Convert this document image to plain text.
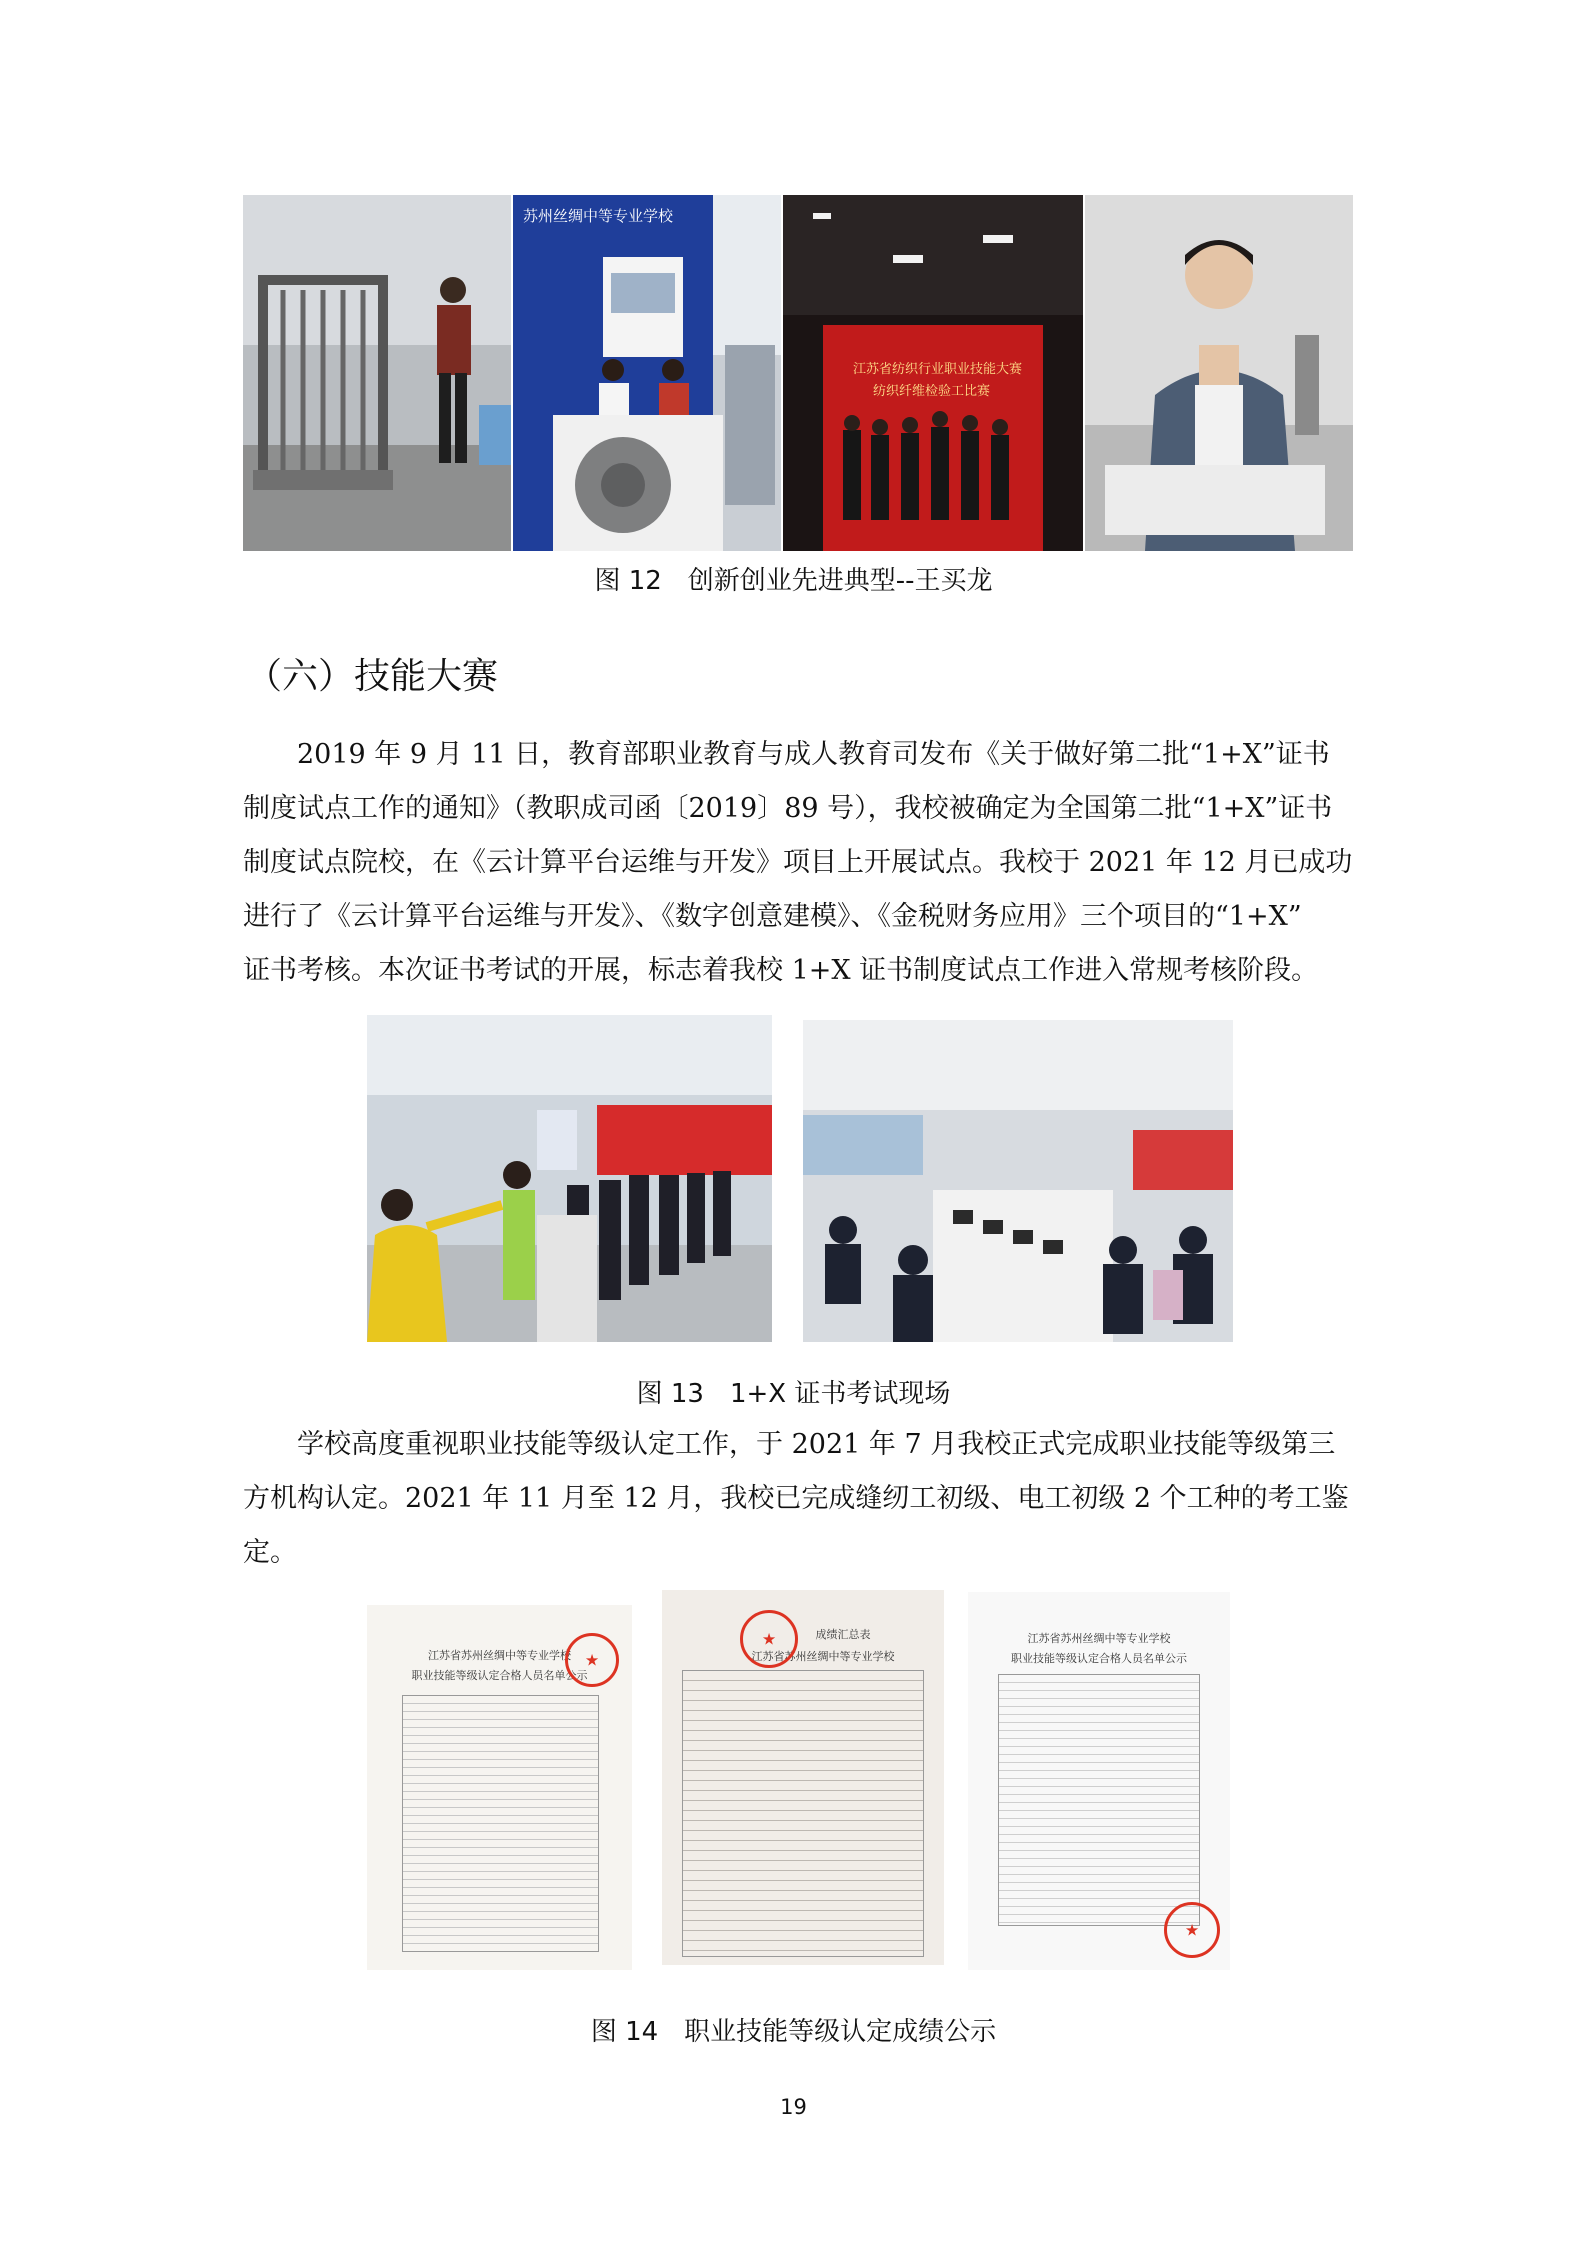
苏州丝绸中等专业学校
江苏省纺织行业职业技能大赛
纺织纤维检验工比赛
图 12　创新创业先进典型--王买龙
（六）技能大赛
2019 年 9 月 11 日，教育部职业教育与成人教育司发布《关于做好第二批“1+X”证书
制度试点工作的通知》（教职成司函〔2019〕89 号），我校被确定为全国第二批“1+X”证书
制度试点院校，在《云计算平台运维与开发》项目上开展试点。我校于 2021 年 12 月已成功
进行了《云计算平台运维与开发》、《数字创意建模》、《金税财务应用》三个项目的“1+X”
证书考核。本次证书考试的开展，标志着我校 1+X 证书制度试点工作进入常规考核阶段。
图 13　1+X 证书考试现场
学校高度重视职业技能等级认定工作，于 2021 年 7 月我校正式完成职业技能等级第三
方机构认定。2021 年 11 月至 12 月，我校已完成缝纫工初级、电工初级 2 个工种的考工鉴
定。
江苏省苏州丝绸中等专业学校
职业技能等级认定合格人员名单公示
★
成绩汇总表
江苏省苏州丝绸中等专业学校
★
江苏省苏州丝绸中等专业学校
职业技能等级认定合格人员名单公示
★
图 14　职业技能等级认定成绩公示
19
